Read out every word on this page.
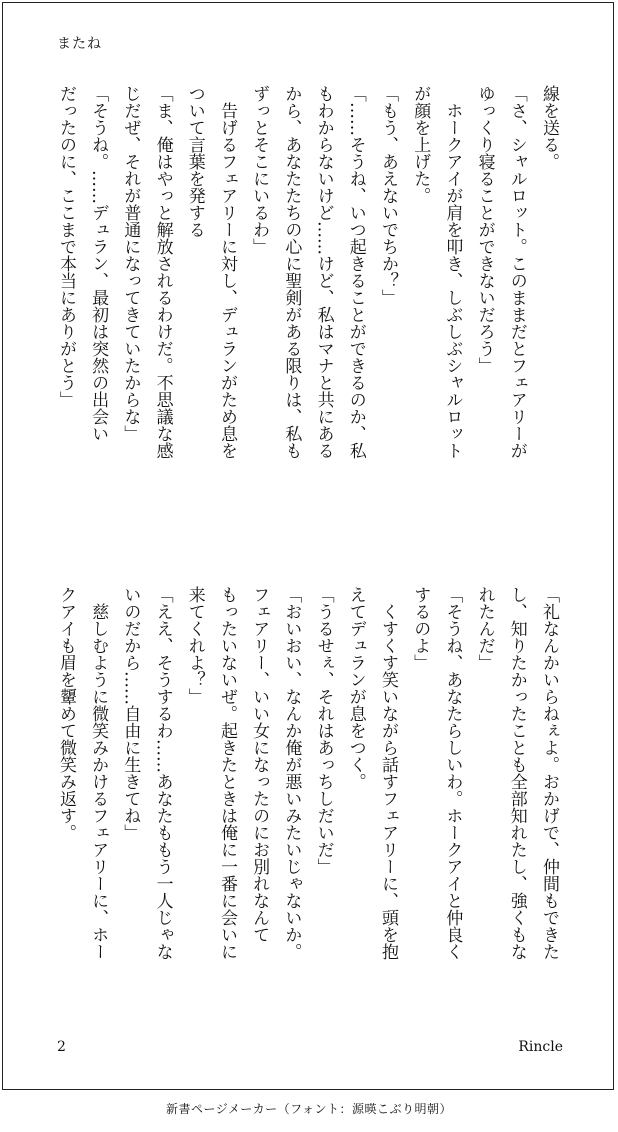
またね
線を送る。
「さ、シャルロット。このままだとフェアリーが
ゆっくり寝ることができないだろう」
　ホークアイが肩を叩き、しぶしぶシャルロット
が顔を上げた。
「もう、あえないでちか？」
「……そうね、いつ起きることができるのか、私
もわからないけど……けど、私はマナと共にある
から、あなたたちの心に聖剣がある限りは、私も
ずっとそこにいるわ」
　告げるフェアリーに対し、デュランがため息を
ついて言葉を発する
「ま、俺はやっと解放されるわけだ。不思議な感
じだぜ、それが普通になってきていたからな」
「そうね。……デュラン、最初は突然の出会い
だったのに、ここまで本当にありがとう」
「礼なんかいらねぇよ。おかげで、仲間もできた
し、知りたかったことも全部知れたし、強くもな
れたんだ」
「そうね、あなたらしいわ。ホークアイと仲良く
するのよ」
　くすくす笑いながら話すフェアリーに、頭を抱
えてデュランが息をつく。
「うるせぇ、それはあっちしだいだ」
「おいおい、なんか俺が悪いみたいじゃないか。
フェアリー、いい女になったのにお別れなんて
もったいないぜ。起きたときは俺に一番に会いに
来てくれよ？」
「ええ、そうするわ……あなたももう一人じゃな
いのだから……自由に生きてね」
　慈しむように微笑みかけるフェアリーに、ホー
クアイも眉を顰めて微笑み返す。
2	Rincle
新書ページメーカー（フォント：源暎こぶり明朝）
